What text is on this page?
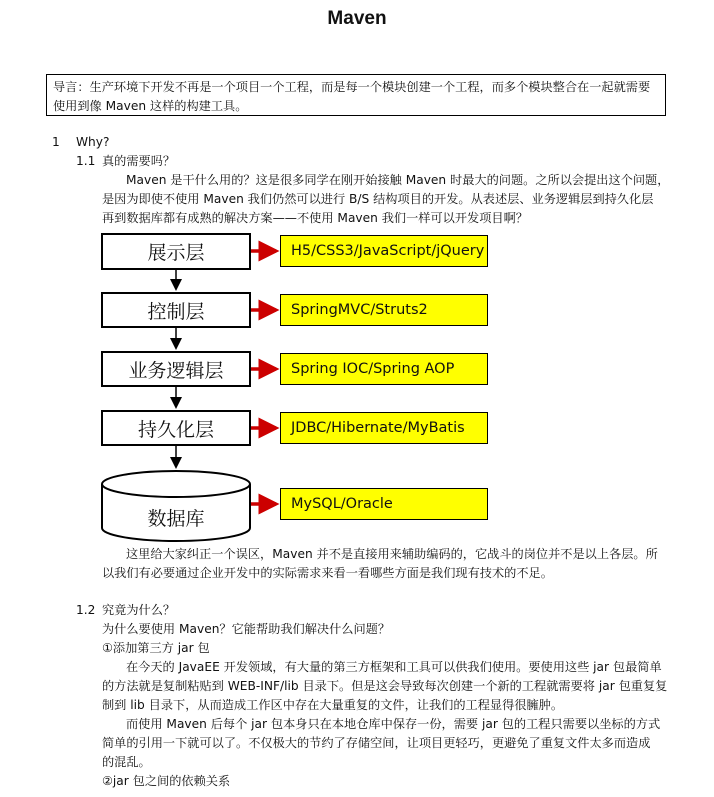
Maven
导言：生产环境下开发不再是一个项目一个工程，而是每一个模块创建一个工程，而多个模块整合在一起就需要
使用到像 Maven 这样的构建工具。
1 Why?
1.1 真的需要吗？
Maven 是干什么用的？这是很多同学在刚开始接触 Maven 时最大的问题。之所以会提出这个问题，
是因为即使不使用 Maven 我们仍然可以进行 B/S 结构项目的开发。从表述层、业务逻辑层到持久化层
再到数据库都有成熟的解决方案——不使用 Maven 我们一样可以开发项目啊？
展示层
控制层
业务逻辑层
持久化层
数据库
H5/CSS3/JavaScript/jQuery
SpringMVC/Struts2
Spring IOC/Spring AOP
JDBC/Hibernate/MyBatis
MySQL/Oracle
这里给大家纠正一个误区，Maven 并不是直接用来辅助编码的，它战斗的岗位并不是以上各层。所
以我们有必要通过企业开发中的实际需求来看一看哪些方面是我们现有技术的不足。
1.2 究竟为什么？
为什么要使用 Maven？它能帮助我们解决什么问题？
①添加第三方 jar 包
在今天的 JavaEE 开发领域，有大量的第三方框架和工具可以供我们使用。要使用这些 jar 包最简单
的方法就是复制粘贴到 WEB-INF/lib 目录下。但是这会导致每次创建一个新的工程就需要将 jar 包重复复
制到 lib 目录下，从而造成工作区中存在大量重复的文件，让我们的工程显得很臃肿。
而使用 Maven 后每个 jar 包本身只在本地仓库中保存一份，需要 jar 包的工程只需要以坐标的方式
简单的引用一下就可以了。不仅极大的节约了存储空间，让项目更轻巧，更避免了重复文件太多而造成
的混乱。
②jar 包之间的依赖关系
